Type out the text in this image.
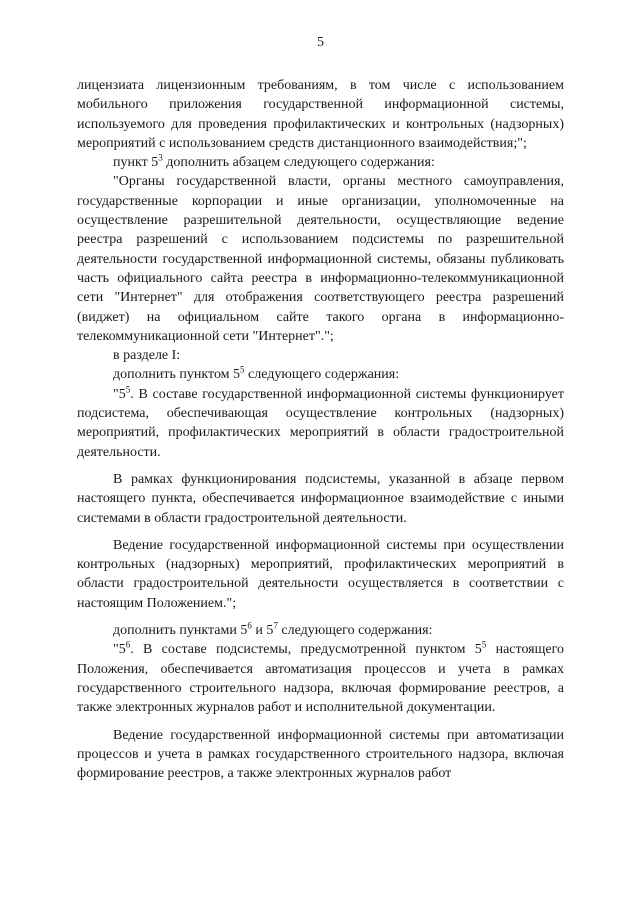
5

лицензиата лицензионным требованиям, в том числе с использованием мобильного приложения государственной информационной системы, используемого для проведения профилактических и контрольных (надзорных) мероприятий с использованием средств дистанционного взаимодействия;";

пункт $5^3$ дополнить абзацем следующего содержания:

"Органы государственной власти, органы местного самоуправления, государственные корпорации и иные организации, уполномоченные на осуществление разрешительной деятельности, осуществляющие ведение реестра разрешений с использованием подсистемы по разрешительной деятельности государственной информационной системы, обязаны публиковать часть официального сайта реестра в информационно-телекоммуникационной сети "Интернет" для отображения соответствующего реестра разрешений (виджет) на официальном сайте такого органа в информационно-телекоммуникационной сети "Интернет".";

в разделе I:

дополнить пунктом $5^5$ следующего содержания:

"$5^5$. В составе государственной информационной системы функционирует подсистема, обеспечивающая осуществление контрольных (надзорных) мероприятий, профилактических мероприятий в области градостроительной деятельности.

В рамках функционирования подсистемы, указанной в абзаце первом настоящего пункта, обеспечивается информационное взаимодействие с иными системами в области градостроительной деятельности.

Ведение государственной информационной системы при осуществлении контрольных (надзорных) мероприятий, профилактических мероприятий в области градостроительной деятельности осуществляется в соответствии с настоящим Положением.";

дополнить пунктами $5^6$ и $5^7$ следующего содержания:

"$5^6$. В составе подсистемы, предусмотренной пунктом $5^5$ настоящего Положения, обеспечивается автоматизация процессов и учета в рамках государственного строительного надзора, включая формирование реестров, а также электронных журналов работ и исполнительной документации.

Ведение государственной информационной системы при автоматизации процессов и учета в рамках государственного строительного надзора, включая формирование реестров, а также электронных журналов работ
